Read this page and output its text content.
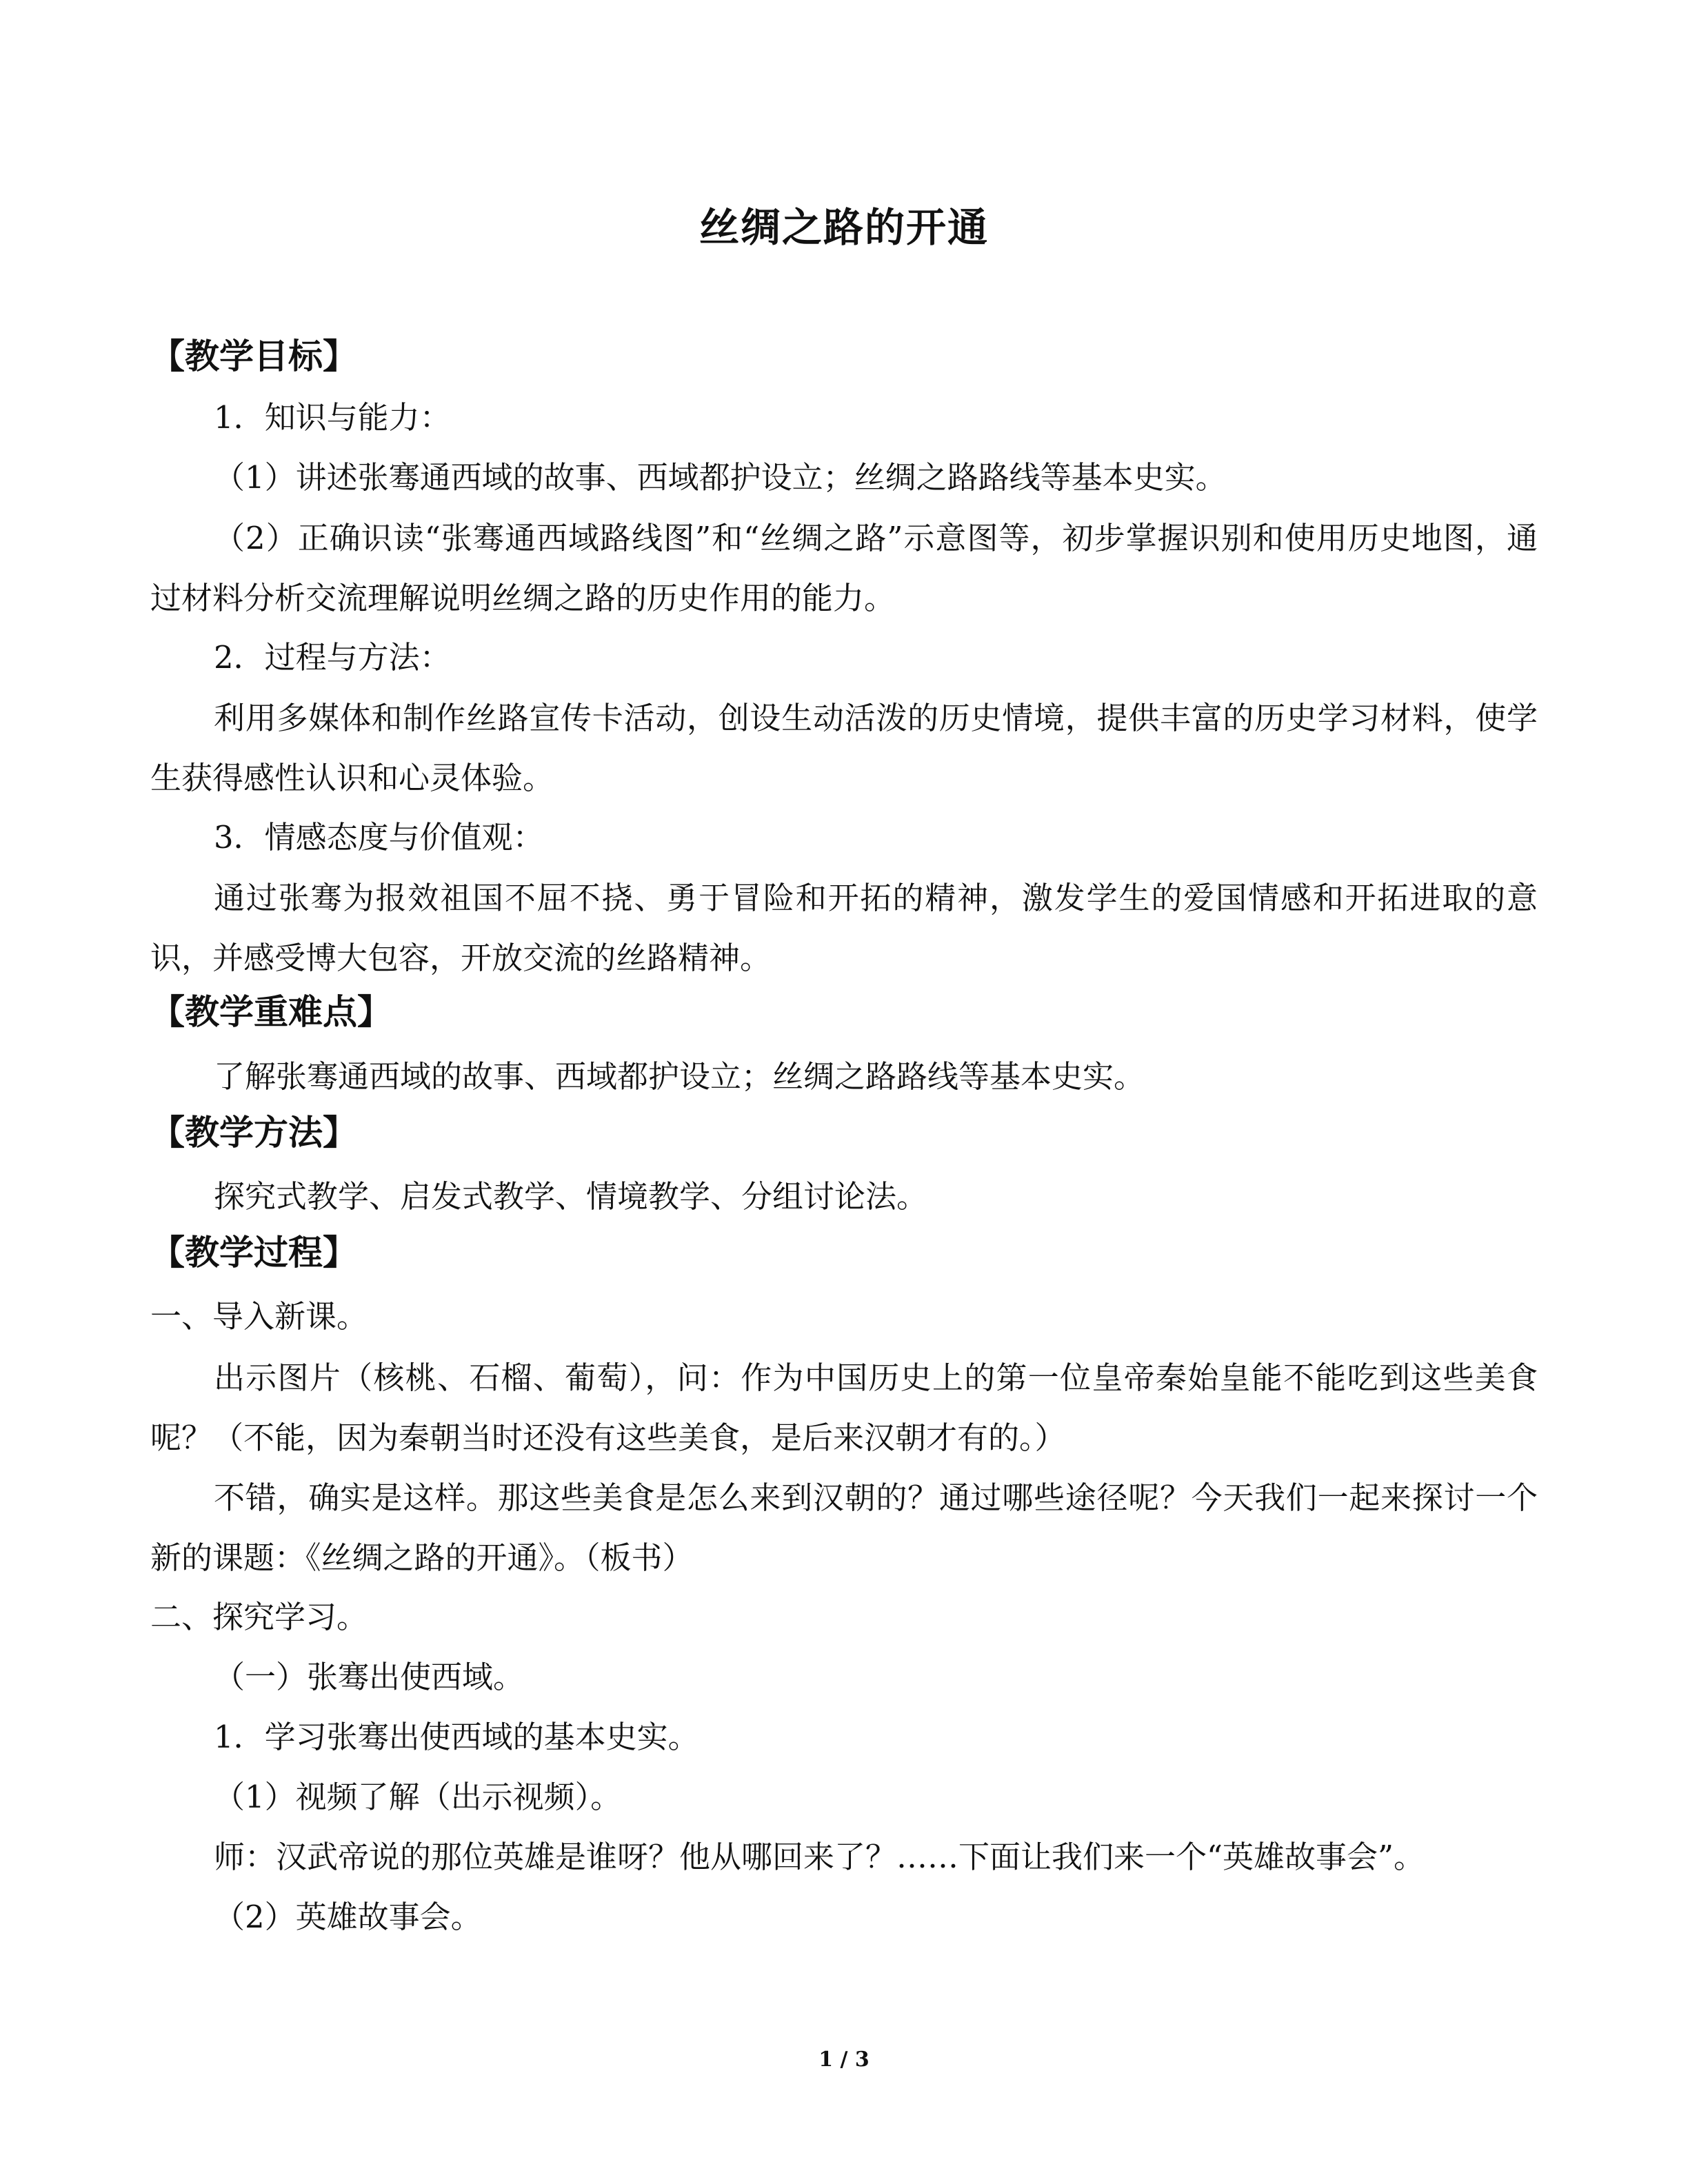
丝绸之路的开通
【教学目标】
1．知识与能力：
（1）讲述张骞通西域的故事、西域都护设立；丝绸之路路线等基本史实。
（2）正确识读“张骞通西域路线图”和“丝绸之路”示意图等，初步掌握识别和使用历史地图，通过材料分析交流理解说明丝绸之路的历史作用的能力。
2．过程与方法：
利用多媒体和制作丝路宣传卡活动，创设生动活泼的历史情境，提供丰富的历史学习材料，使学生获得感性认识和心灵体验。
3．情感态度与价值观：
通过张骞为报效祖国不屈不挠、勇于冒险和开拓的精神，激发学生的爱国情感和开拓进取的意识，并感受博大包容，开放交流的丝路精神。
【教学重难点】
了解张骞通西域的故事、西域都护设立；丝绸之路路线等基本史实。
【教学方法】
探究式教学、启发式教学、情境教学、分组讨论法。
【教学过程】
一、导入新课。
出示图片（核桃、石榴、葡萄），问：作为中国历史上的第一位皇帝秦始皇能不能吃到这些美食呢？（不能，因为秦朝当时还没有这些美食，是后来汉朝才有的。）
不错，确实是这样。那这些美食是怎么来到汉朝的？通过哪些途径呢？今天我们一起来探讨一个新的课题：《丝绸之路的开通》。（板书）
二、探究学习。
（一）张骞出使西域。
1．学习张骞出使西域的基本史实。
（1）视频了解（出示视频）。
师：汉武帝说的那位英雄是谁呀？他从哪回来了？……下面让我们来一个“英雄故事会”。
（2）英雄故事会。
1 / 3
